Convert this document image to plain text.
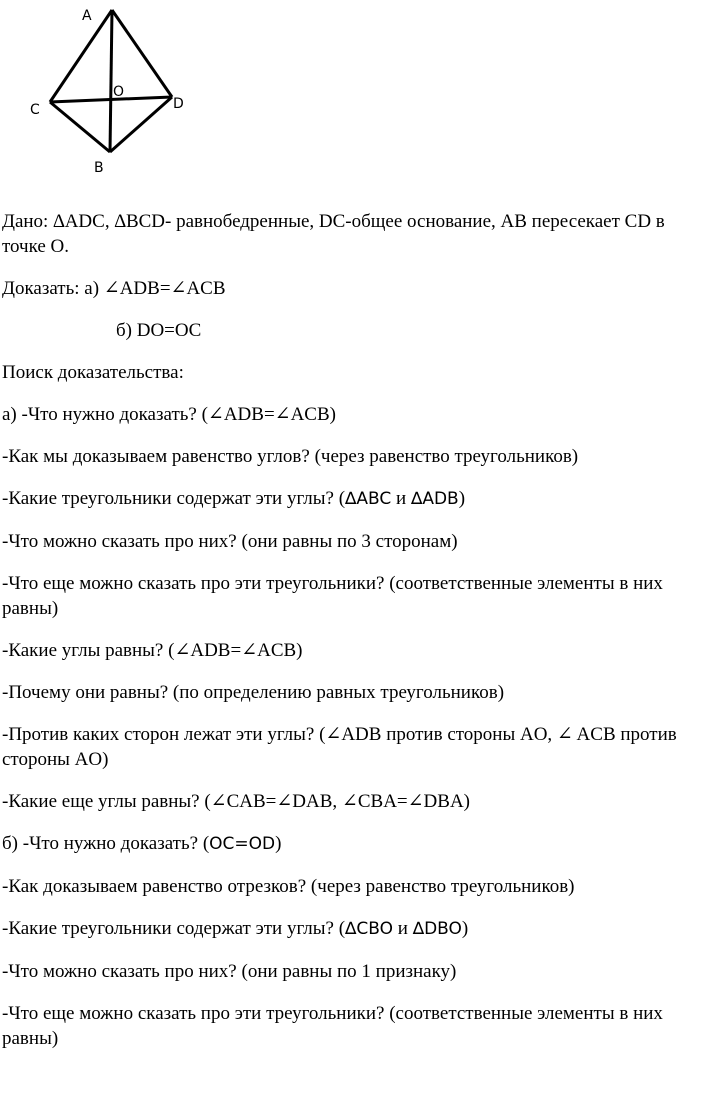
A
C
O
D
B

Дано: ∆ADC, ∆BCD- равнобедренные, DC-общее основание, AB пересекает CD в точке O.

Доказать: а) ∠ADB=∠ACB

б) DO=OC

Поиск доказательства:

а) -Что нужно доказать? (∠ADB=∠ACB)

-Как мы доказываем равенство углов? (через равенство треугольников)

-Какие треугольники содержат эти углы? (∆ABC и ∆ADB)

-Что можно сказать про них? (они равны по 3 сторонам)

-Что еще можно сказать про эти треугольники? (соответственные элементы в них равны)

-Какие углы равны? (∠ADB=∠ACB)

-Почему они равны? (по определению равных треугольников)

-Против каких сторон лежат эти углы? (∠ADB против стороны AO, ∠ ACB против стороны AO)

-Какие еще углы равны? (∠CAB=∠DAB, ∠CBA=∠DBA)

б) -Что нужно доказать? (OC=OD)

-Как доказываем равенство отрезков? (через равенство треугольников)

-Какие треугольники содержат эти углы? (∆CBO и ∆DBO)

-Что можно сказать про них? (они равны по 1 признаку)

-Что еще можно сказать про эти треугольники? (соответственные элементы в них равны)
